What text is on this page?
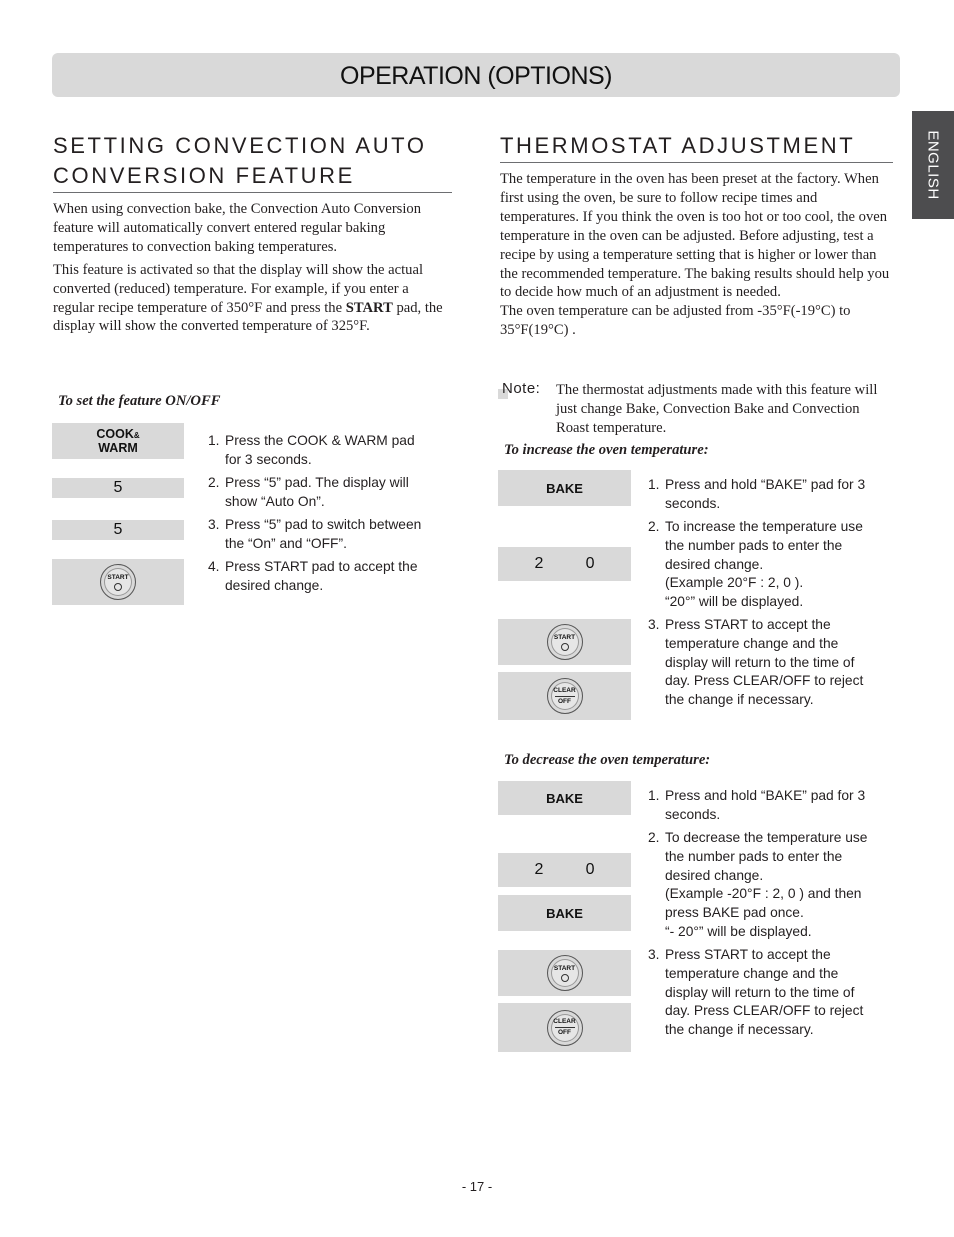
OPERATION (OPTIONS)
ENGLISH
SETTING CONVECTION AUTO
CONVERSION FEATURE

When using convection bake, the Convection Auto Conversion feature will automatically convert entered regular baking temperatures to convection baking temperatures.

This feature is activated so that the display will show the actual converted (reduced) temperature. For example, if you enter a regular recipe temperature of 350°F and press the START pad, the display will show the converted temperature of 325°F.

To set the feature ON/OFF
COOK&
WARM
5
5
START
1. Press the COOK & WARM pad
for 3 seconds.
2. Press “5” pad. The display will
show “Auto On”.
3. Press “5” pad to switch between
the “On” and “OFF”.
4. Press START pad to accept the
desired change.
THERMOSTAT ADJUSTMENT

The temperature in the oven has been preset at the factory. When first using the oven, be sure to follow recipe times and temperatures. If you think the oven is too hot or too cool, the oven temperature in the oven can be adjusted. Before adjusting, test a recipe by using a temperature setting that is higher or lower than the recommended temperature. The baking results should help you to decide how much of an adjustment is needed.

The oven temperature can be adjusted from -35°F(-19°C) to 35°F(19°C) .

Note: The thermostat adjustments made with this feature will just change Bake, Convection Bake and Convection Roast temperature.
To increase the oven temperature:
BAKE
2	0
START
CLEAR
OFF
1. Press and hold “BAKE” pad for 3
seconds.
2. To increase the temperature use
the number pads to enter the
desired change.
(Example 20°F : 2, 0 ).
“20°” will be displayed.
3. Press START to accept the
temperature change and the
display will return to the time of
day. Press CLEAR/OFF to reject
the change if necessary.
To decrease the oven temperature:
BAKE
2	0
BAKE
START
CLEAR
OFF
1. Press and hold “BAKE” pad for 3
seconds.
2. To decrease the temperature use
the number pads to enter the
desired change.
(Example -20°F : 2, 0 ) and then
press BAKE pad once.
“- 20°” will be displayed.
3. Press START to accept the
temperature change and the
display will return to the time of
day. Press CLEAR/OFF to reject
the change if necessary.
- 17 -
